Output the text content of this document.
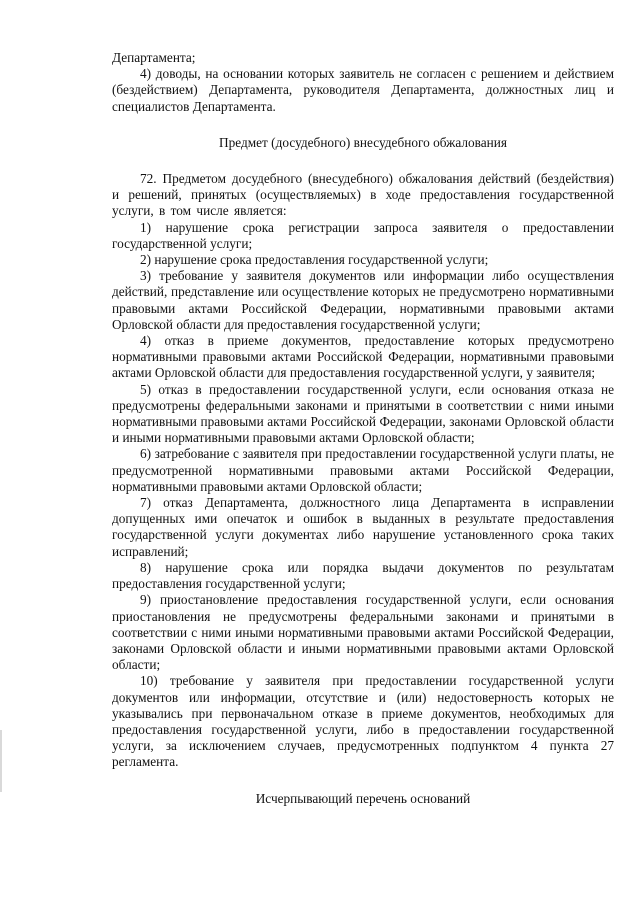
Департамента;

4) доводы, на основании которых заявитель не согласен с решением и действием (бездействием) Департамента, руководителя Департамента, должностных лиц и специалистов Департамента.

Предмет (досудебного) внесудебного обжалования

72. Предметом досудебного (внесудебного) обжалования действий (бездействия) и решений, принятых (осуществляемых) в ходе предоставления государственной услуги, в том числе является:

1) нарушение срока регистрации запроса заявителя о предоставлении государственной услуги;

2) нарушение срока предоставления государственной услуги;

3) требование у заявителя документов или информации либо осуществления действий, представление или осуществление которых не предусмотрено нормативными правовыми актами Российской Федерации, нормативными правовыми актами Орловской области для предоставления государственной услуги;

4) отказ в приеме документов, предоставление которых предусмотрено нормативными правовыми актами Российской Федерации, нормативными правовыми актами Орловской области для предоставления государственной услуги, у заявителя;

5) отказ в предоставлении государственной услуги, если основания отказа не предусмотрены федеральными законами и принятыми в соответствии с ними иными нормативными правовыми актами Российской Федерации, законами Орловской области и иными нормативными правовыми актами Орловской области;

6) затребование с заявителя при предоставлении государственной услуги платы, не предусмотренной нормативными правовыми актами Российской Федерации, нормативными правовыми актами Орловской области;

7) отказ Департамента, должностного лица Департамента в исправлении допущенных ими опечаток и ошибок в выданных в результате предоставления государственной услуги документах либо нарушение установленного срока таких исправлений;

8) нарушение срока или порядка выдачи документов по результатам предоставления государственной услуги;

9) приостановление предоставления государственной услуги, если основания приостановления не предусмотрены федеральными законами и принятыми в соответствии с ними иными нормативными правовыми актами Российской Федерации, законами Орловской области и иными нормативными правовыми актами Орловской области;

10) требование у заявителя при предоставлении государственной услуги документов или информации, отсутствие и (или) недостоверность которых не указывались при первоначальном отказе в приеме документов, необходимых для предоставления государственной услуги, либо в предоставлении государственной услуги, за исключением случаев, предусмотренных подпунктом 4 пункта 27 регламента.

Исчерпывающий перечень оснований
